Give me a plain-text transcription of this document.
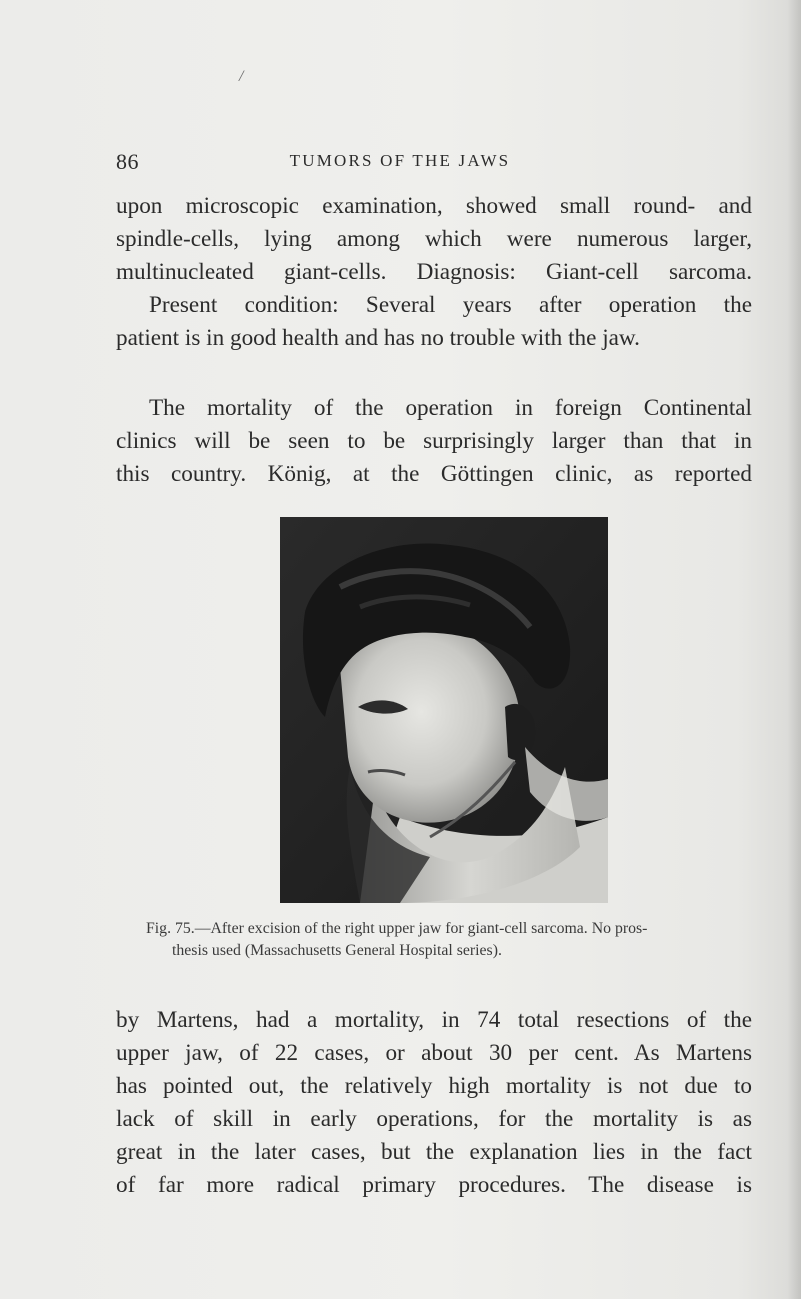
/
86	TUMORS OF THE JAWS

upon microscopic examination, showed small round- and
spindle-cells, lying among which were numerous larger,
multinucleated giant-cells. Diagnosis: Giant-cell sarcoma.
Present condition: Several years after operation the
patient is in good health and has no trouble with the jaw.

The mortality of the operation in foreign Continental
clinics will be seen to be surprisingly larger than that in
this country. König, at the Göttingen clinic, as reported

Fig. 75.—After excision of the right upper jaw for giant-cell sarcoma. No pros-
thesis used (Massachusetts General Hospital series).

by Martens, had a mortality, in 74 total resections of the
upper jaw, of 22 cases, or about 30 per cent. As Martens
has pointed out, the relatively high mortality is not due to
lack of skill in early operations, for the mortality is as
great in the later cases, but the explanation lies in the fact
of far more radical primary procedures. The disease is
